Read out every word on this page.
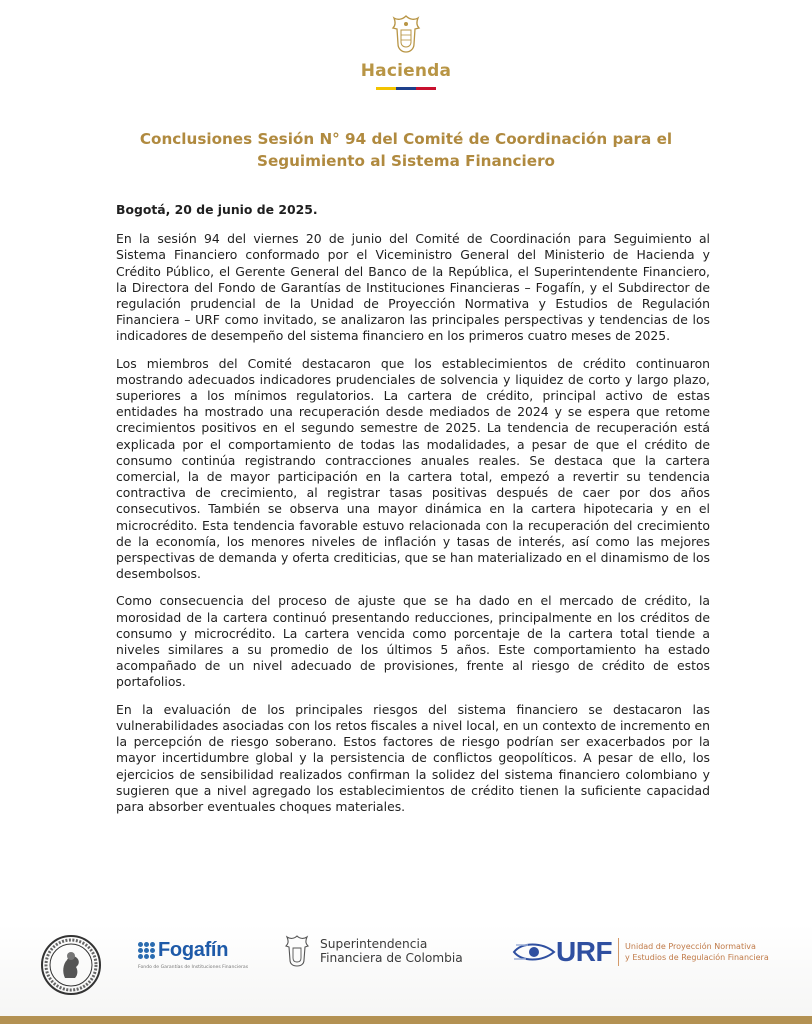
Hacienda
Conclusiones Sesión N° 94 del Comité de Coordinación para el
Seguimiento al Sistema Financiero

Bogotá, 20 de junio de 2025.

En la sesión 94 del viernes 20 de junio del Comité de Coordinación para Seguimiento al Sistema Financiero conformado por el Viceministro General del Ministerio de Hacienda y Crédito Público, el Gerente General del Banco de la República, el Superintendente Financiero, la Directora del Fondo de Garantías de Instituciones Financieras – Fogafín, y el Subdirector de regulación prudencial de la Unidad de Proyección Normativa y Estudios de Regulación Financiera – URF como invitado, se analizaron las principales perspectivas y tendencias de los indicadores de desempeño del sistema financiero en los primeros cuatro meses de 2025.

Los miembros del Comité destacaron que los establecimientos de crédito continuaron mostrando adecuados indicadores prudenciales de solvencia y liquidez de corto y largo plazo, superiores a los mínimos regulatorios. La cartera de crédito, principal activo de estas entidades ha mostrado una recuperación desde mediados de 2024 y se espera que retome crecimientos positivos en el segundo semestre de 2025. La tendencia de recuperación está explicada por el comportamiento de todas las modalidades, a pesar de que el crédito de consumo continúa registrando contracciones anuales reales. Se destaca que la cartera comercial, la de mayor participación en la cartera total, empezó a revertir su tendencia contractiva de crecimiento, al registrar tasas positivas después de caer por dos años consecutivos. También se observa una mayor dinámica en la cartera hipotecaria y en el microcrédito. Esta tendencia favorable estuvo relacionada con la recuperación del crecimiento de la economía, los menores niveles de inflación y tasas de interés, así como las mejores perspectivas de demanda y oferta crediticias, que se han materializado en el dinamismo de los desembolsos.

Como consecuencia del proceso de ajuste que se ha dado en el mercado de crédito, la morosidad de la cartera continuó presentando reducciones, principalmente en los créditos de consumo y microcrédito. La cartera vencida como porcentaje de la cartera total tiende a niveles similares a su promedio de los últimos 5 años. Este comportamiento ha estado acompañado de un nivel adecuado de provisiones, frente al riesgo de crédito de estos portafolios.

En la evaluación de los principales riesgos del sistema financiero se destacaron las vulnerabilidades asociadas con los retos fiscales a nivel local, en un contexto de incremento en la percepción de riesgo soberano. Estos factores de riesgo podrían ser exacerbados por la mayor incertidumbre global y la persistencia de conflictos geopolíticos. A pesar de ello, los ejercicios de sensibilidad realizados confirman la solidez del sistema financiero colombiano y sugieren que a nivel agregado los establecimientos de crédito tienen la suficiente capacidad para absorber eventuales choques materiales.

Fogafín
Fondo de Garantías de Instituciones Financieras
Superintendencia
Financiera de Colombia	URF Unidad de Proyección Normativa
y Estudios de Regulación Financiera
